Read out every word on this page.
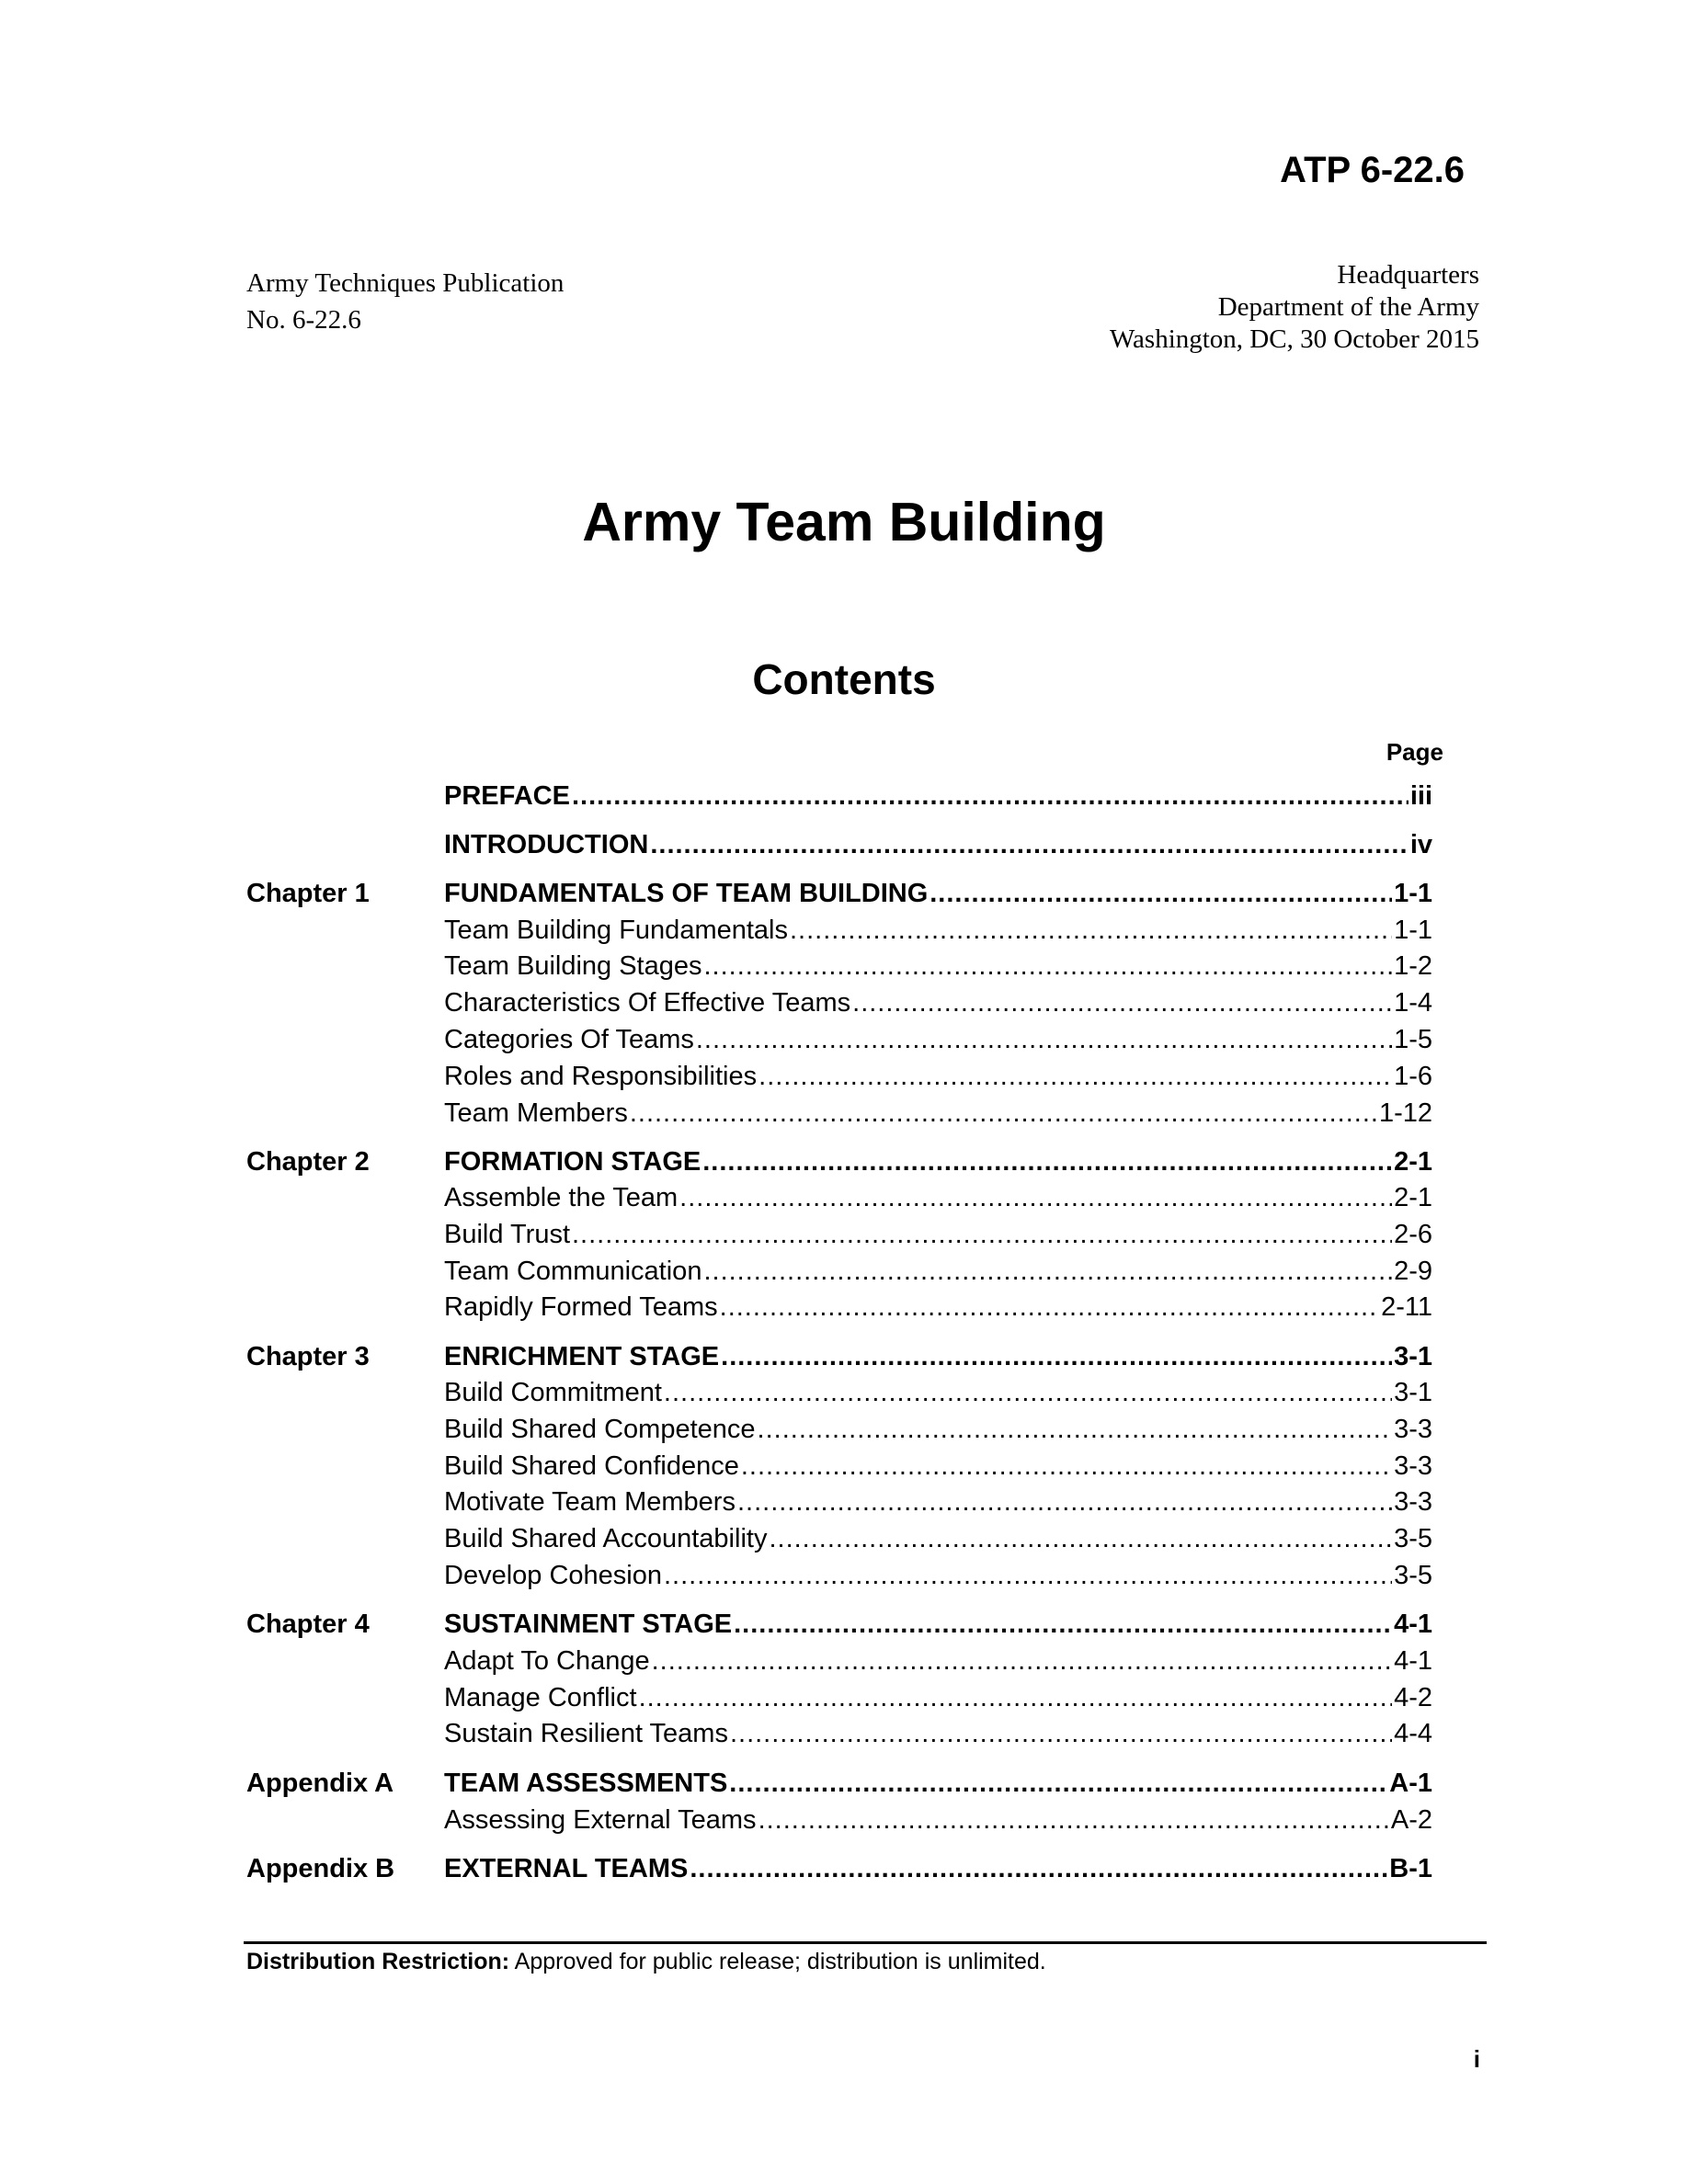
ATP 6-22.6
Army Techniques Publication
No. 6-22.6
Headquarters
Department of the Army
Washington, DC, 30 October 2015
Army Team Building
Contents
Page
PREFACE .....	iii
INTRODUCTION .....	iv
Chapter 1	FUNDAMENTALS OF TEAM BUILDING .....	1-1
Team Building Fundamentals .....	1-1
Team Building Stages .....	1-2
Characteristics Of Effective Teams .....	1-4
Categories Of Teams .....	1-5
Roles and Responsibilities .....	1-6
Team Members .....	1-12
Chapter 2	FORMATION STAGE .....	2-1
Assemble the Team .....	2-1
Build Trust .....	2-6
Team Communication .....	2-9
Rapidly Formed Teams .....	2-11
Chapter 3	ENRICHMENT STAGE .....	3-1
Build Commitment .....	3-1
Build Shared Competence .....	3-3
Build Shared Confidence .....	3-3
Motivate Team Members .....	3-3
Build Shared Accountability .....	3-5
Develop Cohesion .....	3-5
Chapter 4	SUSTAINMENT STAGE .....	4-1
Adapt To Change .....	4-1
Manage Conflict .....	4-2
Sustain Resilient Teams .....	4-4
Appendix A TEAM ASSESSMENTS .....	A-1
Assessing External Teams .....	A-2
Appendix B EXTERNAL TEAMS .....	B-1
Distribution Restriction: Approved for public release; distribution is unlimited.
i
